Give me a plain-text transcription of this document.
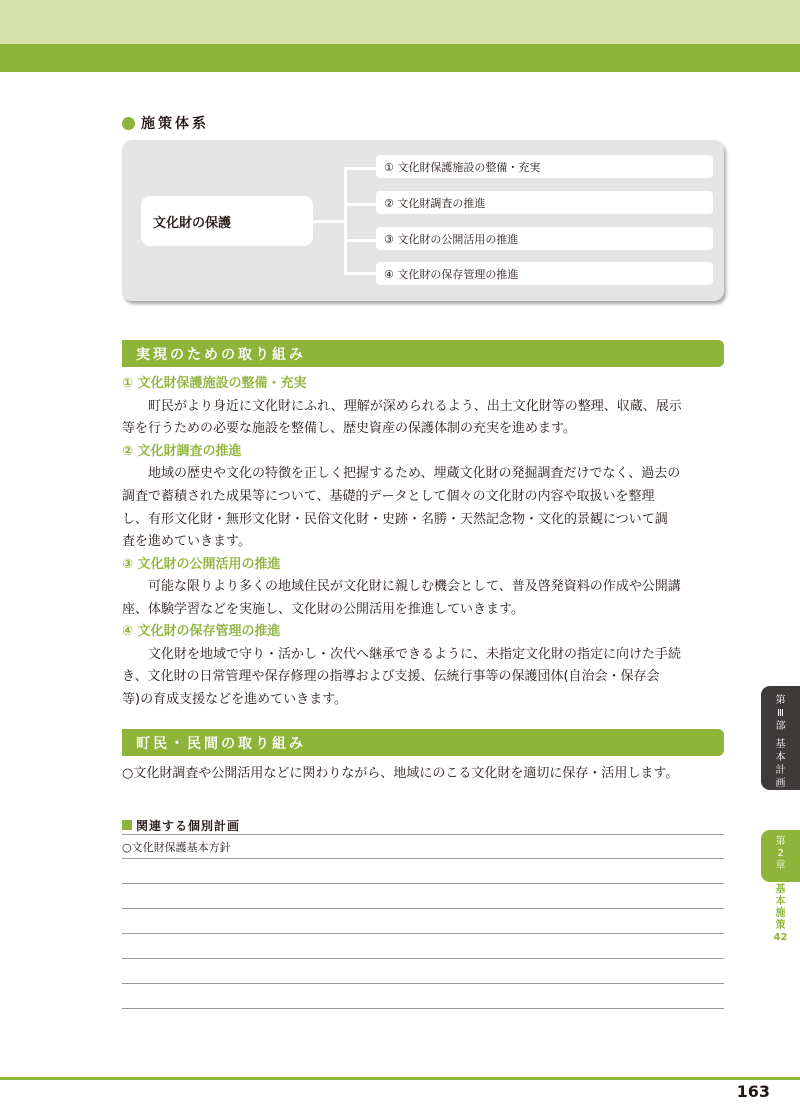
施策体系
文化財の保護
① 文化財保護施設の整備・充実
② 文化財調査の推進
③ 文化財の公開活用の推進
④ 文化財の保存管理の推進
実現のための取り組み
① 文化財保護施設の整備・充実
町民がより身近に文化財にふれ、理解が深められるよう、出土文化財等の整理、収蔵、展示
等を行うための必要な施設を整備し、歴史資産の保護体制の充実を進めます。
② 文化財調査の推進
地域の歴史や文化の特徴を正しく把握するため、埋蔵文化財の発掘調査だけでなく、過去の
調査で蓄積された成果等について、基礎的データとして個々の文化財の内容や取扱いを整理
し、有形文化財・無形文化財・民俗文化財・史跡・名勝・天然記念物・文化的景観について調
査を進めていきます。
③ 文化財の公開活用の推進
可能な限りより多くの地域住民が文化財に親しむ機会として、普及啓発資料の作成や公開講
座、体験学習などを実施し、文化財の公開活用を推進していきます。
④ 文化財の保存管理の推進
文化財を地域で守り・活かし・次代へ継承できるように、未指定文化財の指定に向けた手続
き、文化財の日常管理や保存修理の指導および支援、伝統行事等の保護団体(自治会・保存会
等)の育成支援などを進めていきます。
町民・民間の取り組み
○文化財調査や公開活用などに関わりながら、地域にのこる文化財を適切に保存・活用します。
関連する個別計画
○文化財保護基本方針
第
Ⅲ
部
基
本
計
画
第
2
章
基
本
施
策
42
163
